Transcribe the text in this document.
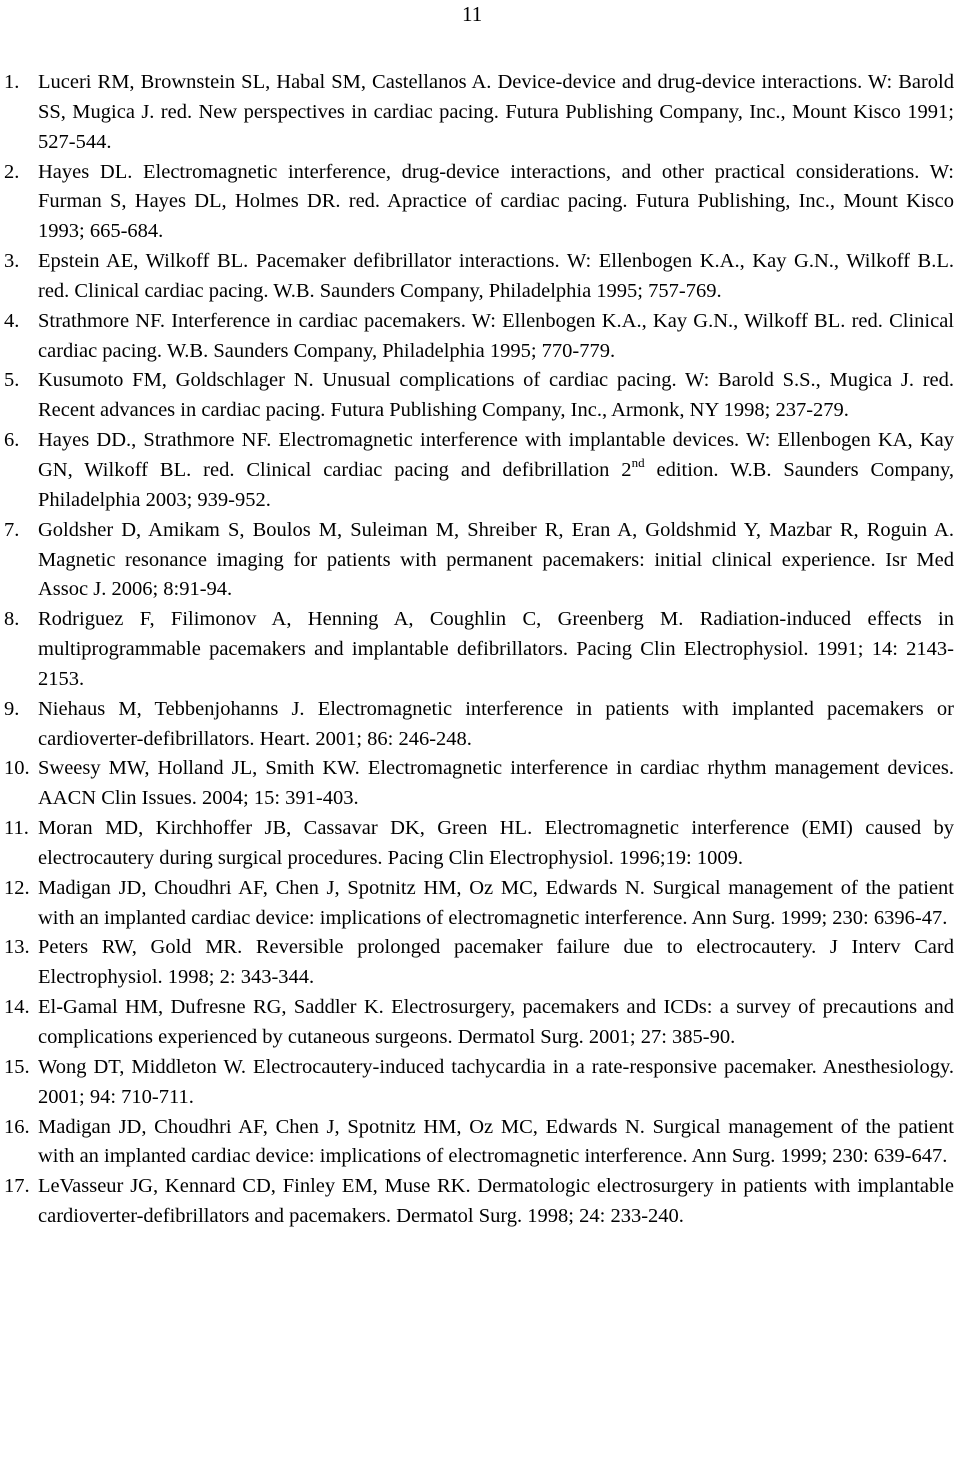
11
1. Luceri RM, Brownstein SL, Habal SM, Castellanos A. Device-device and drug-device interactions. W: Barold SS, Mugica J. red. New perspectives in cardiac pacing. Futura Publishing Company, Inc., Mount Kisco 1991; 527-544.
2. Hayes DL. Electromagnetic interference, drug-device interactions, and other practical considerations. W: Furman S, Hayes DL, Holmes DR. red. Apractice of cardiac pacing. Futura Publishing, Inc., Mount Kisco 1993; 665-684.
3. Epstein AE, Wilkoff BL. Pacemaker defibrillator interactions. W: Ellenbogen K.A., Kay G.N., Wilkoff B.L. red. Clinical cardiac pacing. W.B. Saunders Company, Philadelphia 1995; 757-769.
4. Strathmore NF. Interference in cardiac pacemakers. W: Ellenbogen K.A., Kay G.N., Wilkoff BL. red. Clinical cardiac pacing. W.B. Saunders Company, Philadelphia 1995; 770-779.
5. Kusumoto FM, Goldschlager N. Unusual complications of cardiac pacing. W: Barold S.S., Mugica J. red. Recent advances in cardiac pacing. Futura Publishing Company, Inc., Armonk, NY 1998; 237-279.
6. Hayes DD., Strathmore NF. Electromagnetic interference with implantable devices. W: Ellenbogen KA, Kay GN, Wilkoff BL. red. Clinical cardiac pacing and defibrillation 2nd edition. W.B. Saunders Company, Philadelphia 2003; 939-952.
7. Goldsher D, Amikam S, Boulos M, Suleiman M, Shreiber R, Eran A, Goldshmid Y, Mazbar R, Roguin A. Magnetic resonance imaging for patients with permanent pacemakers: initial clinical experience. Isr Med Assoc J. 2006; 8:91-94.
8. Rodriguez F, Filimonov A, Henning A, Coughlin C, Greenberg M. Radiation-induced effects in multiprogrammable pacemakers and implantable defibrillators. Pacing Clin Electrophysiol. 1991; 14: 2143-2153.
9. Niehaus M, Tebbenjohanns J. Electromagnetic interference in patients with implanted pacemakers or cardioverter-defibrillators. Heart. 2001; 86: 246-248.
10. Sweesy MW, Holland JL, Smith KW. Electromagnetic interference in cardiac rhythm management devices. AACN Clin Issues. 2004; 15: 391-403.
11. Moran MD, Kirchhoffer JB, Cassavar DK, Green HL. Electromagnetic interference (EMI) caused by electrocautery during surgical procedures. Pacing Clin Electrophysiol. 1996;19: 1009.
12. Madigan JD, Choudhri AF, Chen J, Spotnitz HM, Oz MC, Edwards N. Surgical management of the patient with an implanted cardiac device: implications of electromagnetic interference. Ann Surg. 1999; 230: 6396-47.
13. Peters RW, Gold MR. Reversible prolonged pacemaker failure due to electrocautery. J Interv Card Electrophysiol. 1998; 2: 343-344.
14. El-Gamal HM, Dufresne RG, Saddler K. Electrosurgery, pacemakers and ICDs: a survey of precautions and complications experienced by cutaneous surgeons. Dermatol Surg. 2001; 27: 385-90.
15. Wong DT, Middleton W. Electrocautery-induced tachycardia in a rate-responsive pacemaker. Anesthesiology. 2001; 94: 710-711.
16. Madigan JD, Choudhri AF, Chen J, Spotnitz HM, Oz MC, Edwards N. Surgical management of the patient with an implanted cardiac device: implications of electromagnetic interference. Ann Surg. 1999; 230: 639-647.
17. LeVasseur JG, Kennard CD, Finley EM, Muse RK. Dermatologic electrosurgery in patients with implantable cardioverter-defibrillators and pacemakers. Dermatol Surg. 1998; 24: 233-240.
